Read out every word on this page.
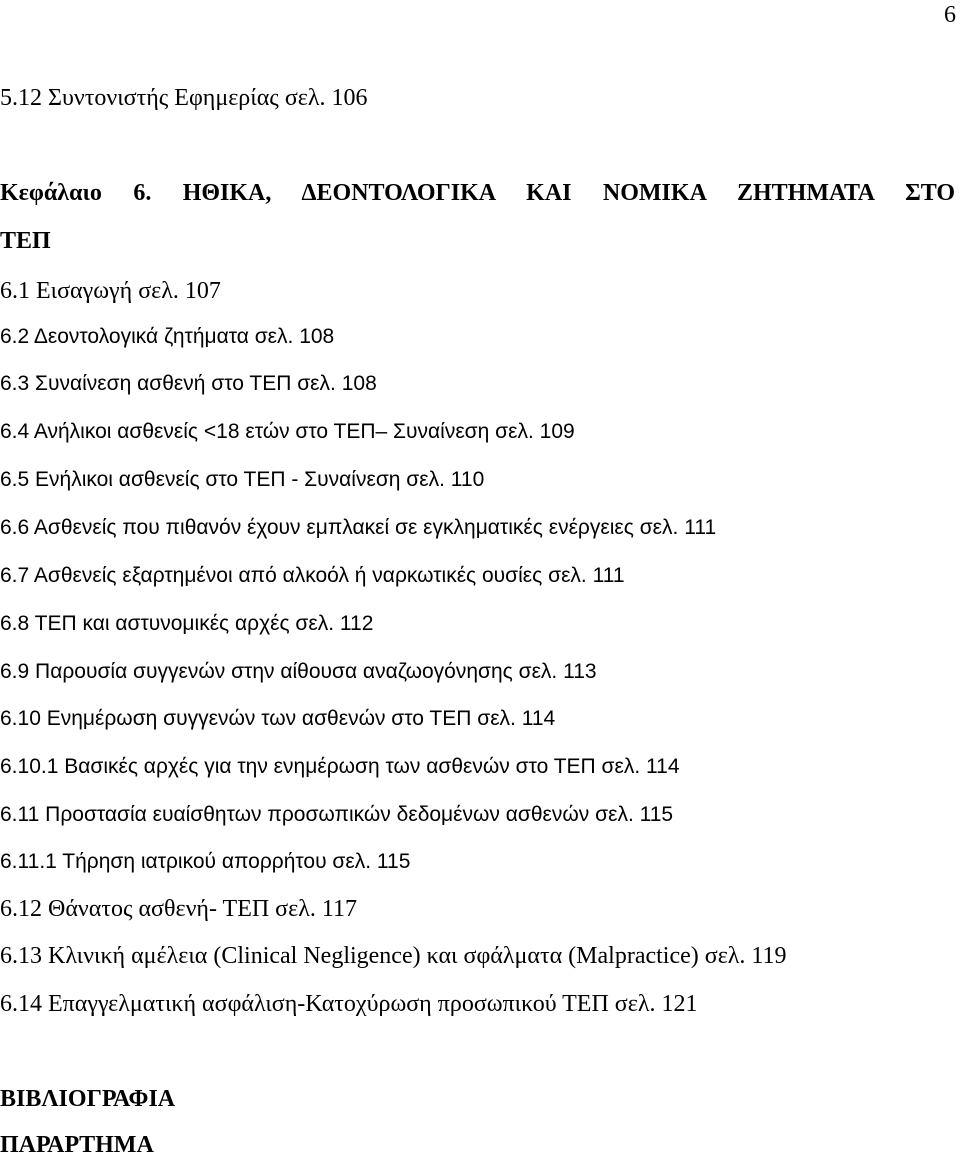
6
5.12 Συντονιστής Εφημερίας σελ. 106
Κεφάλαιο 6. ΗΘΙΚΑ, ΔΕΟΝΤΟΛΟΓΙΚΑ ΚΑΙ ΝΟΜΙΚΑ ΖΗΤΗΜΑΤΑ ΣΤΟ
ΤΕΠ
6.1 Εισαγωγή σελ. 107
6.2 Δεοντολογικά ζητήματα σελ. 108
6.3 Συναίνεση ασθενή στο ΤΕΠ σελ. 108
6.4 Ανήλικοι ασθενείς <18 ετών στο ΤΕΠ– Συναίνεση σελ. 109
6.5 Ενήλικοι ασθενείς στο ΤΕΠ - Συναίνεση σελ. 110
6.6 Ασθενείς που πιθανόν έχουν εμπλακεί σε εγκληματικές ενέργειες σελ. 111
6.7 Ασθενείς εξαρτημένοι από αλκοόλ ή ναρκωτικές ουσίες σελ. 111
6.8 ΤΕΠ και αστυνομικές αρχές σελ. 112
6.9 Παρουσία συγγενών στην αίθουσα αναζωογόνησης σελ. 113
6.10 Ενημέρωση συγγενών των ασθενών στο ΤΕΠ σελ. 114
6.10.1 Βασικές αρχές για την ενημέρωση των ασθενών στο ΤΕΠ σελ. 114
6.11 Προστασία ευαίσθητων προσωπικών δεδομένων ασθενών σελ. 115
6.11.1 Τήρηση ιατρικού απορρήτου σελ. 115
6.12 Θάνατος ασθενή- ΤΕΠ σελ. 117
6.13 Κλινική αμέλεια (Clinical Negligence) και σφάλματα (Malpractice) σελ. 119
6.14 Επαγγελματική ασφάλιση-Κατοχύρωση προσωπικού ΤΕΠ σελ. 121
ΒΙΒΛΙΟΓΡΑΦΙΑ
ΠΑΡΑΡΤΗΜΑ
